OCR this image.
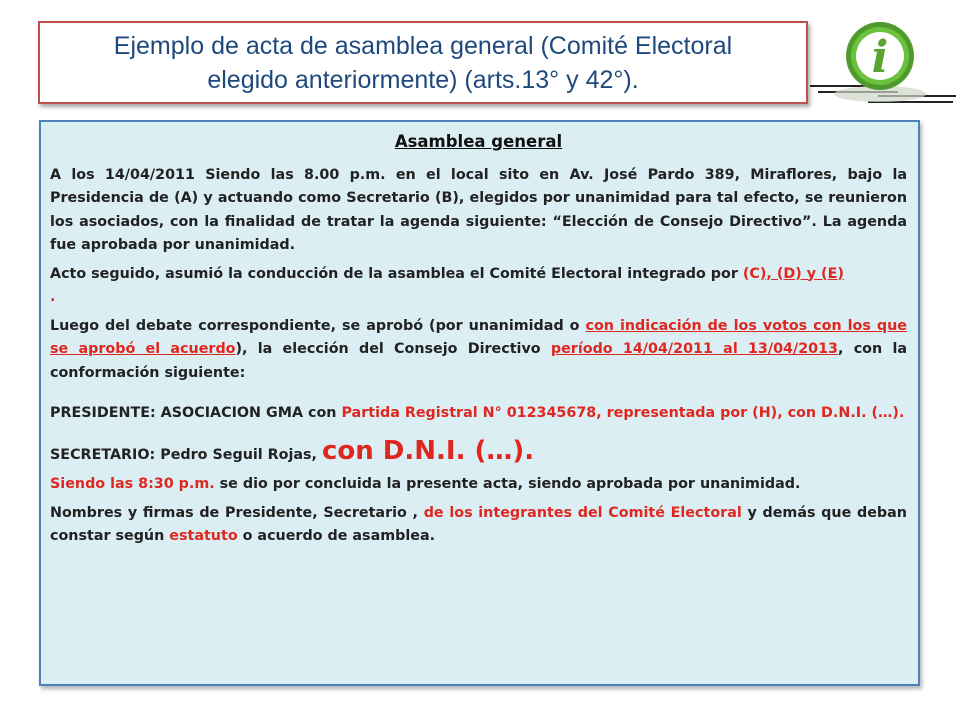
Ejemplo de acta de asamblea general (Comité Electoral
elegido anteriormente) (arts.13° y 42°).	i
Asamblea general

A los 14/04/2011 Siendo las 8.00 p.m. en el local sito en Av. José Pardo 389, Miraflores, bajo la Presidencia de (A) y actuando como Secretario (B), elegidos por unanimidad para tal efecto, se reunieron los asociados, con la finalidad de tratar la agenda siguiente: “Elección de Consejo Directivo”. La agenda fue aprobada por unanimidad.

Acto seguido, asumió la conducción de la asamblea el Comité Electoral integrado por (C), (D) y (E)
.

Luego del debate correspondiente, se aprobó (por unanimidad o con indicación de los votos con los que se aprobó el acuerdo), la elección del Consejo Directivo período 14/04/2011 al 13/04/2013, con la conformación siguiente:

PRESIDENTE: ASOCIACION GMA con Partida Registral N° 012345678, representada por (H), con D.N.I. (…).

SECRETARIO: Pedro Seguil Rojas, con D.N.I. (…).

Siendo las 8:30 p.m. se dio por concluida la presente acta, siendo aprobada por unanimidad.

Nombres y firmas de Presidente, Secretario , de los integrantes del Comité Electoral y demás que deban constar según estatuto o acuerdo de asamblea.
